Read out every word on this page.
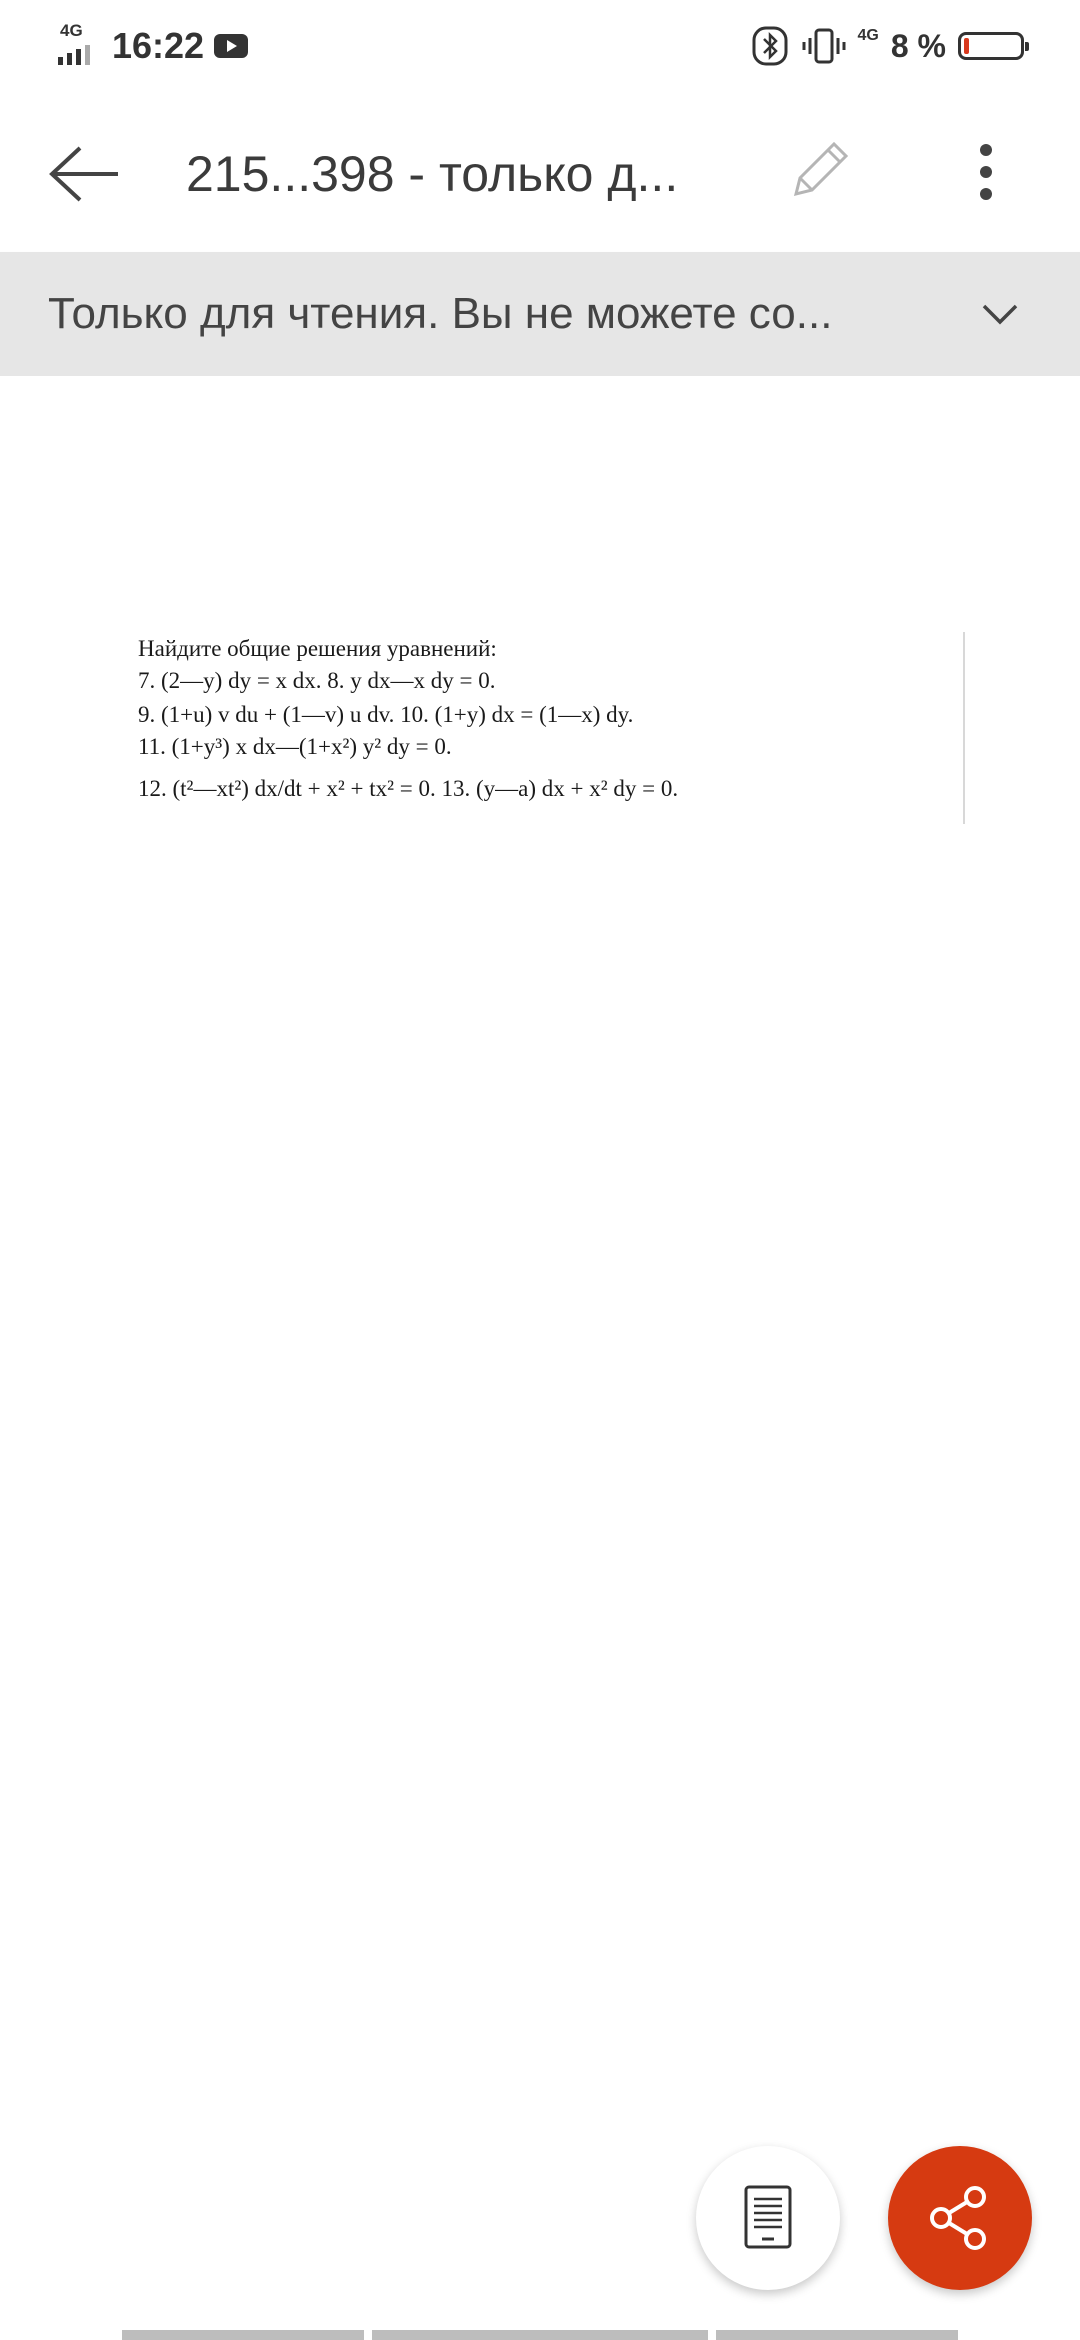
4G 16:22	4G 8 %
215...398 - только д...
Только для чтения. Вы не можете со...
Найдите общие решения уравнений:
7. (2—y) dy = x dx. 8. y dx—x dy = 0.
9. (1+u) v du + (1—v) u dv. 10. (1+y) dx = (1—x) dy.
11. (1+y³) x dx—(1+x²) y² dy = 0.
12. (t²—xt²) dx/dt + x² + tx² = 0. 13. (y—a) dx + x² dy = 0.
